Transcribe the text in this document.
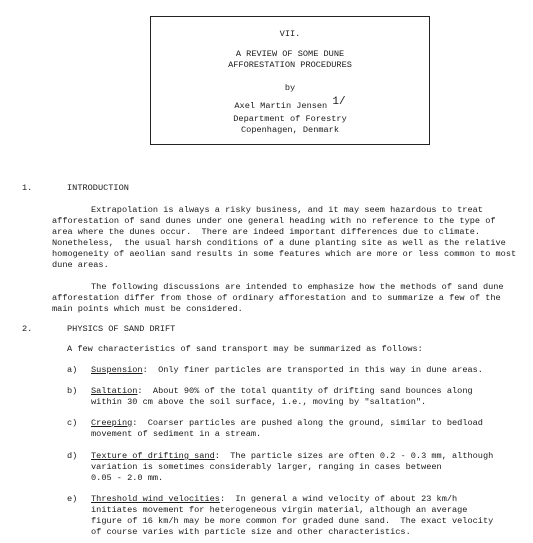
VII.
A REVIEW OF SOME DUNE
AFFORESTATION PROCEDURES
by
Axel Martin Jensen 1/
Department of Forestry
Copenhagen, Denmark
1.	INTRODUCTION
Extrapolation is always a risky business, and it may seem hazardous to treat
afforestation of sand dunes under one general heading with no reference to the type of
area where the dunes occur.  There are indeed important differences due to climate.
Nonetheless,  the usual harsh conditions of a dune planting site as well as the relative
homogeneity of aeolian sand results in some features which are more or less common to most
dune areas.
The following discussions are intended to emphasize how the methods of sand dune
afforestation differ from those of ordinary afforestation and to summarize a few of the
main points which must be considered.
2.	PHYSICS OF SAND DRIFT
A few characteristics of sand transport may be summarized as follows:
a) Suspension:  Only finer particles are transported in this way in dune areas.
b) Saltation:  About 90% of the total quantity of drifting sand bounces along
within 30 cm above the soil surface, i.e., moving by "saltation".
c) Creeping:  Coarser particles are pushed along the ground, similar to bedload
movement of sediment in a stream.
d) Texture of drifting sand:  The particle sizes are often 0.2 - 0.3 mm, although
variation is sometimes considerably larger, ranging in cases between
0.05 - 2.0 mm.
e) Threshold wind velocities:  In general a wind velocity of about 23 km/h
initiates movement for heterogeneous virgin material, although an average
figure of 16 km/h may be more common for graded dune sand.  The exact velocity
of course varies with particle size and other characteristics.
